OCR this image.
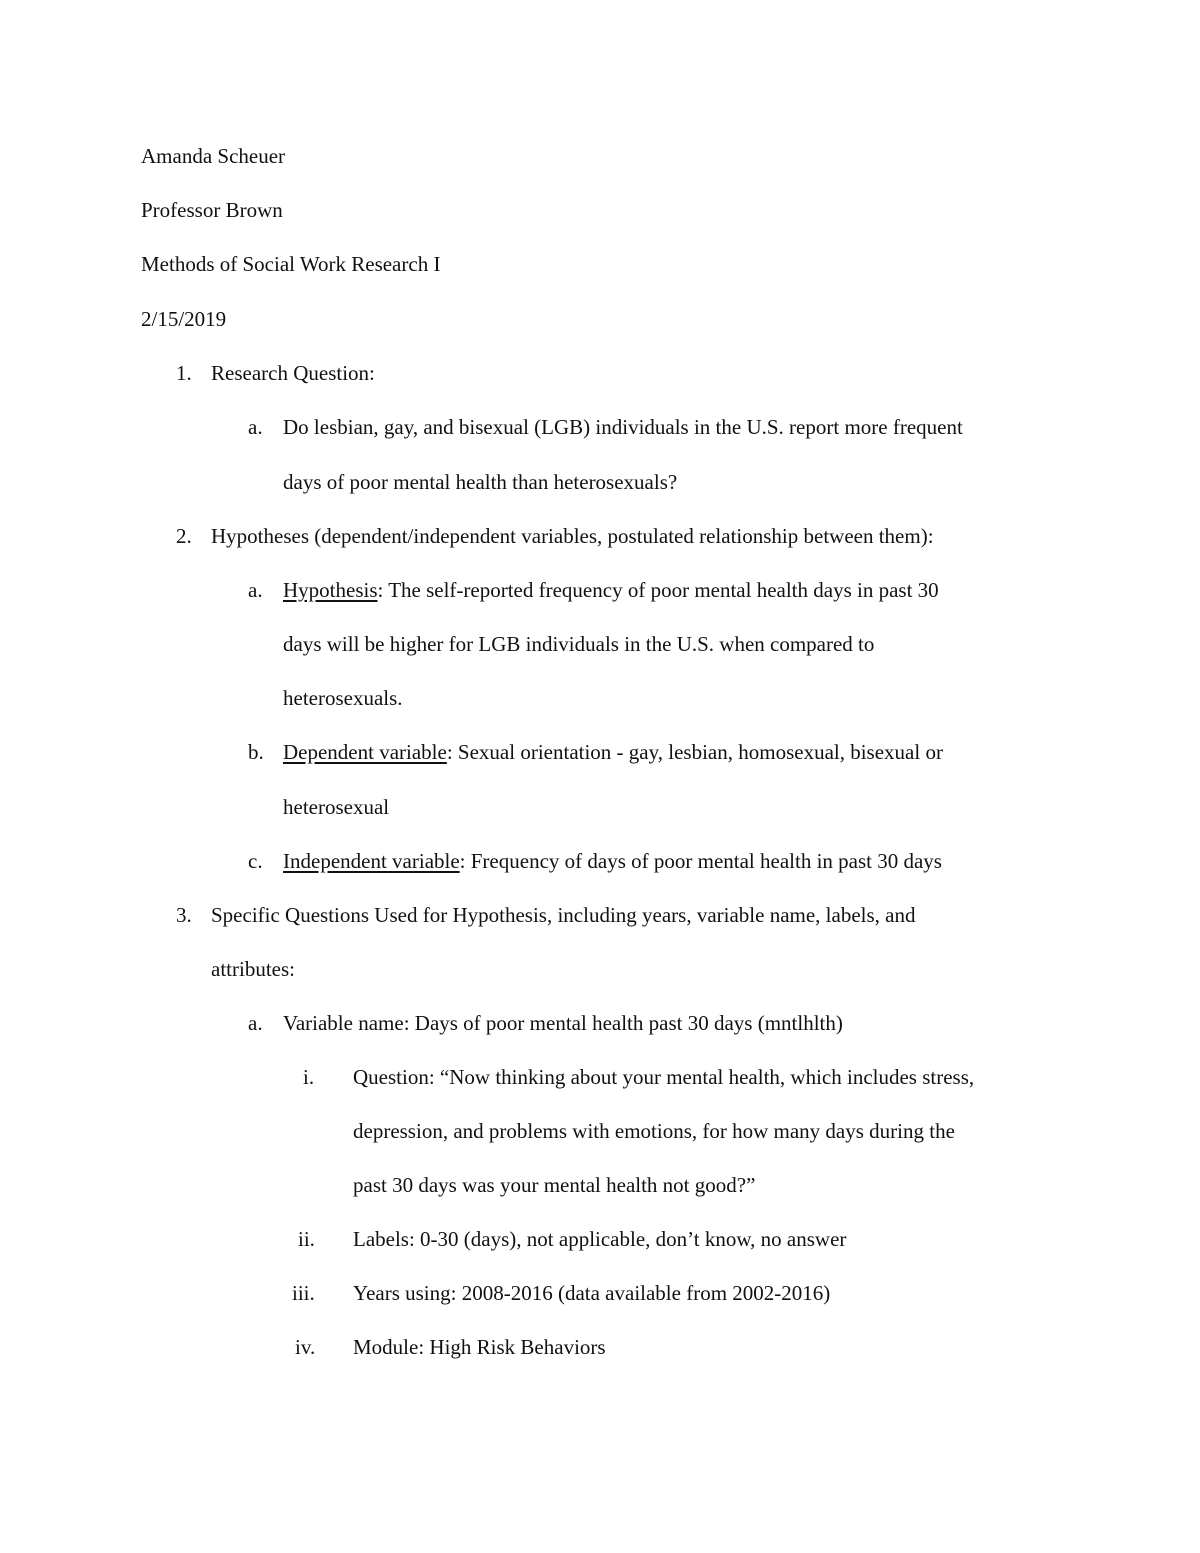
Amanda Scheuer
Professor Brown
Methods of Social Work Research I
2/15/2019
1. Research Question:
a. Do lesbian, gay, and bisexual (LGB) individuals in the U.S. report more frequent
days of poor mental health than heterosexuals?
2. Hypotheses (dependent/independent variables, postulated relationship between them):
a. Hypothesis: The self-reported frequency of poor mental health days in past 30
days will be higher for LGB individuals in the U.S. when compared to
heterosexuals.
b. Dependent variable: Sexual orientation - gay, lesbian, homosexual, bisexual or
heterosexual
c. Independent variable: Frequency of days of poor mental health in past 30 days
3. Specific Questions Used for Hypothesis, including years, variable name, labels, and
attributes:
a. Variable name: Days of poor mental health past 30 days (mntlhlth)
i. Question: “Now thinking about your mental health, which includes stress,
depression, and problems with emotions, for how many days during the
past 30 days was your mental health not good?”
ii. Labels: 0-30 (days), not applicable, don’t know, no answer
iii. Years using: 2008-2016 (data available from 2002-2016)
iv. Module: High Risk Behaviors
